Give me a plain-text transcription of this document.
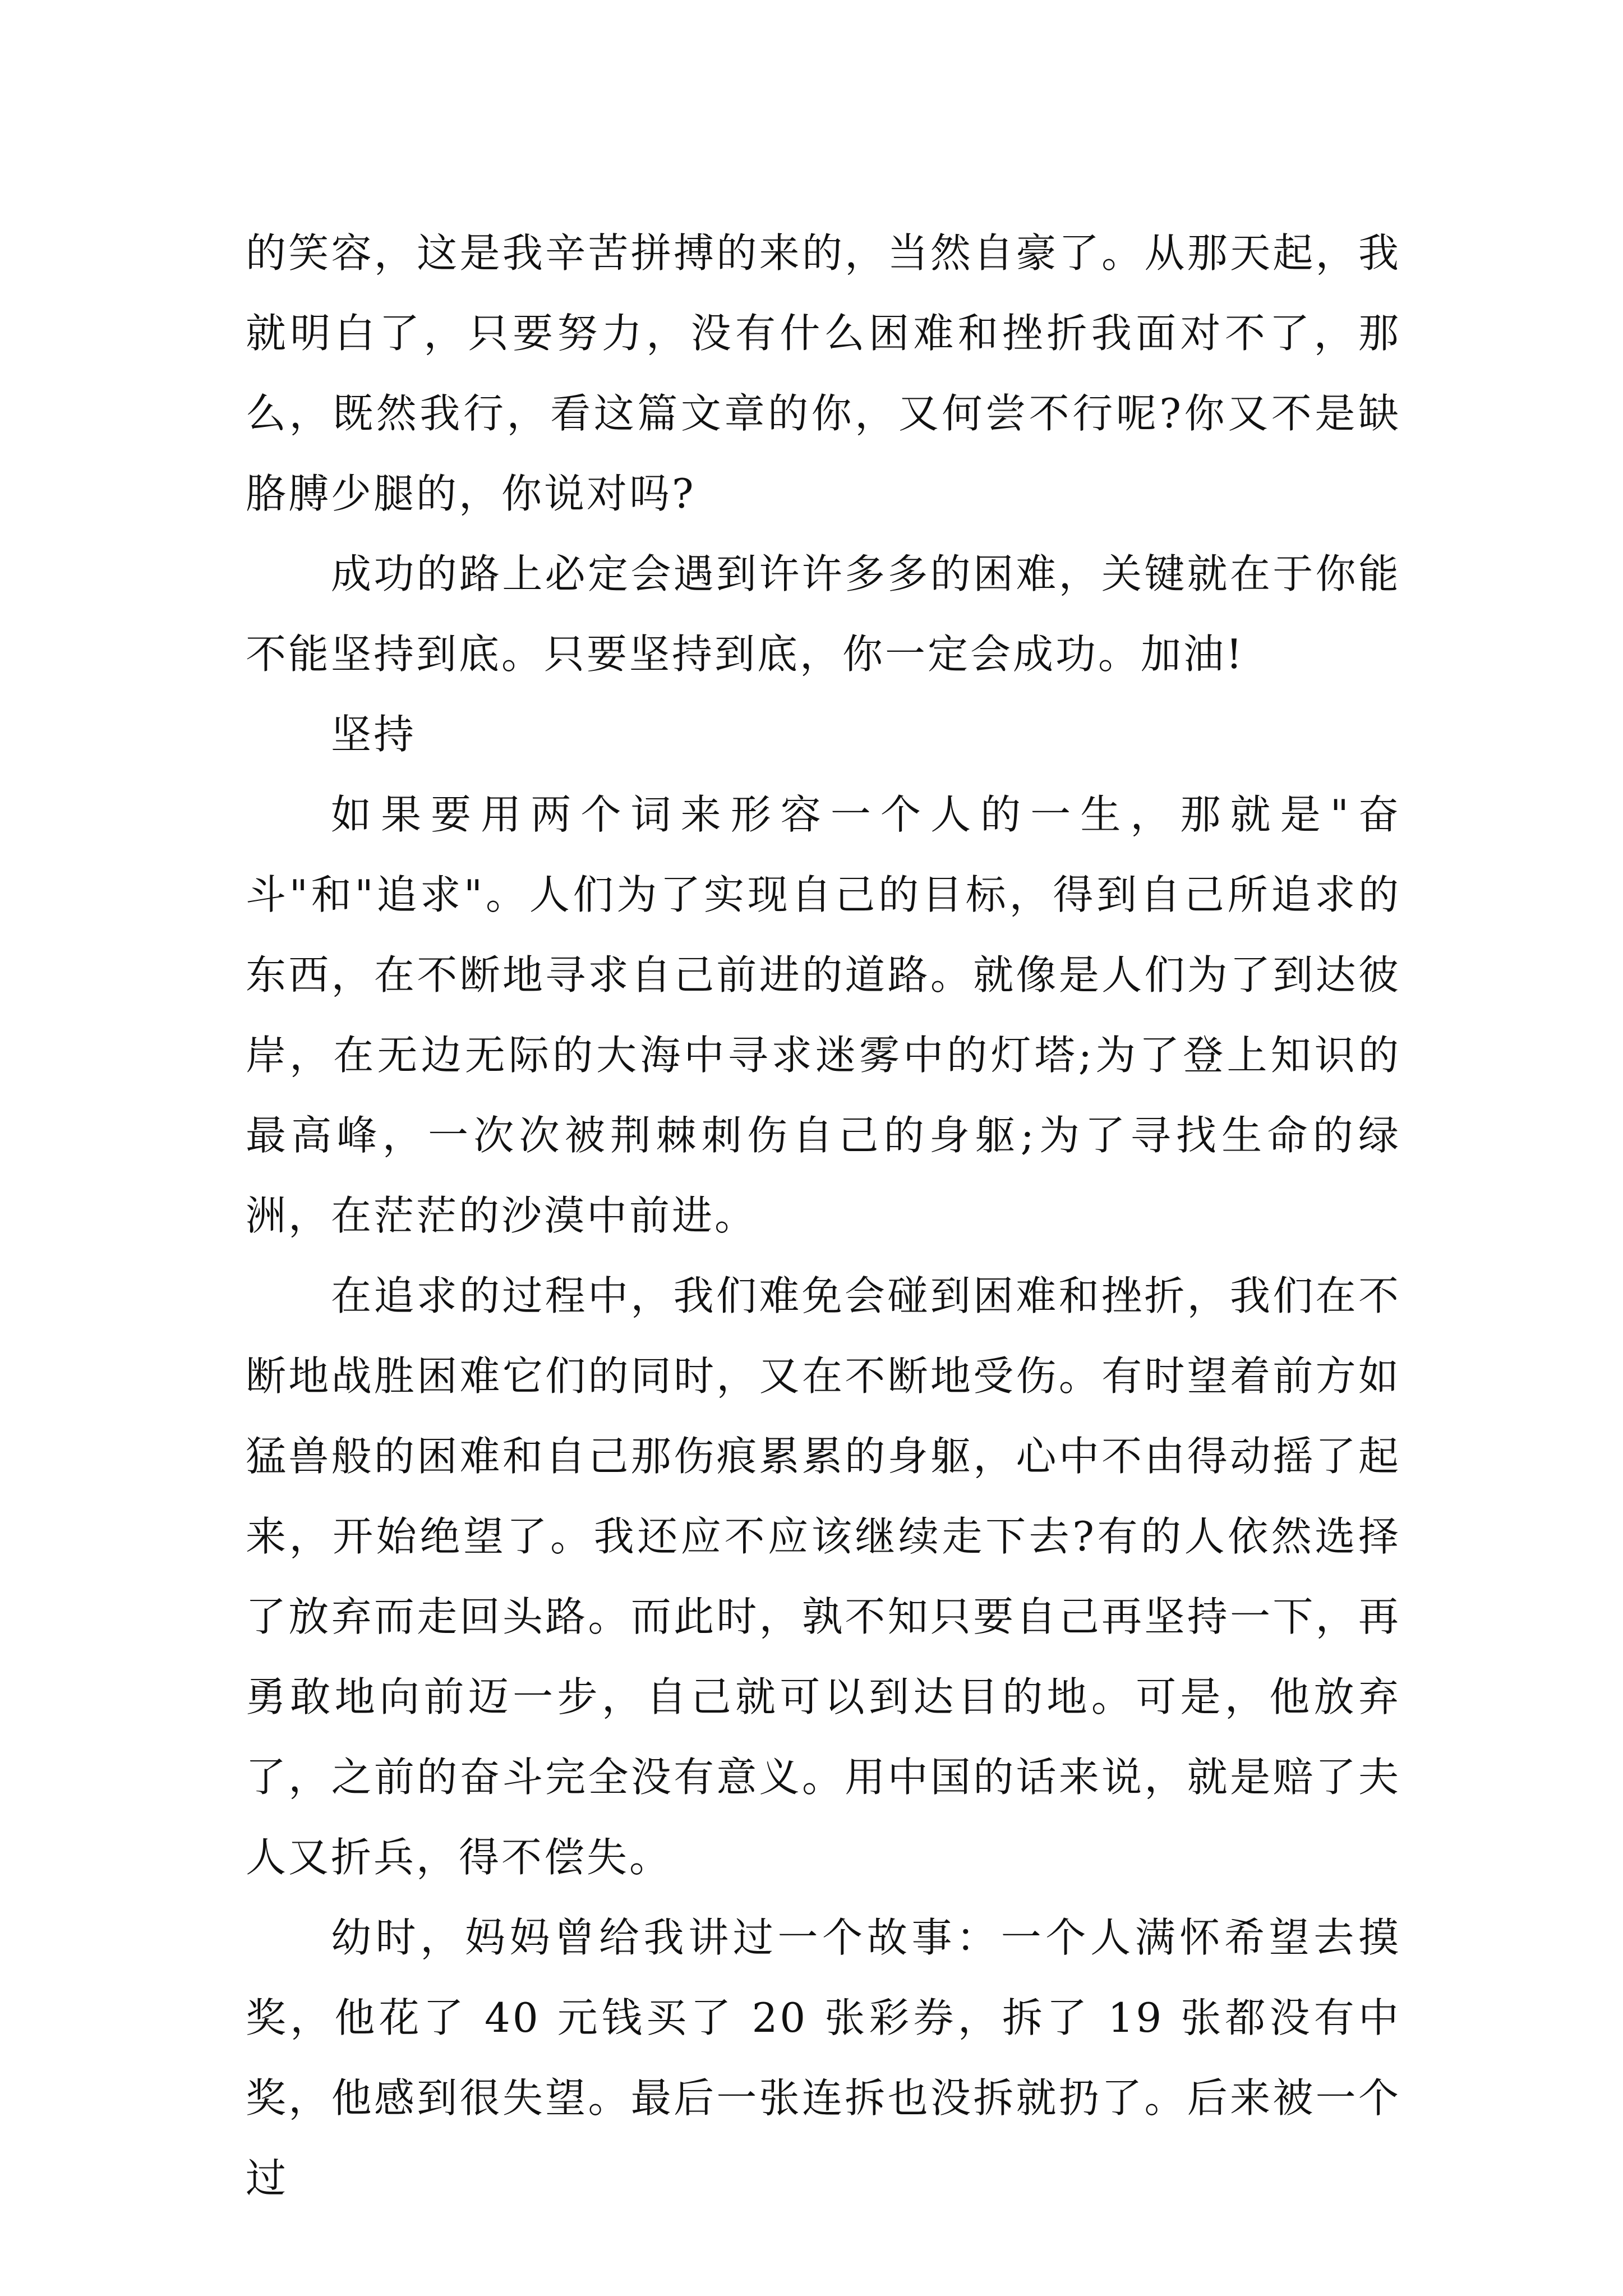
的笑容，这是我辛苦拼搏的来的，当然自豪了。从那天起，我就明白了，只要努力，没有什么困难和挫折我面对不了，那么，既然我行，看这篇文章的你，又何尝不行呢?你又不是缺胳膊少腿的，你说对吗?

成功的路上必定会遇到许许多多的困难，关键就在于你能不能坚持到底。只要坚持到底，你一定会成功。加油!

坚持

如果要用两个词来形容一个人的一生，那就是"奋斗"和"追求"。人们为了实现自己的目标，得到自己所追求的东西，在不断地寻求自己前进的道路。就像是人们为了到达彼岸，在无边无际的大海中寻求迷雾中的灯塔;为了登上知识的最高峰，一次次被荆棘刺伤自己的身躯;为了寻找生命的绿洲，在茫茫的沙漠中前进。

在追求的过程中，我们难免会碰到困难和挫折，我们在不断地战胜困难它们的同时，又在不断地受伤。有时望着前方如猛兽般的困难和自己那伤痕累累的身躯，心中不由得动摇了起来，开始绝望了。我还应不应该继续走下去?有的人依然选择了放弃而走回头路。而此时，孰不知只要自己再坚持一下，再勇敢地向前迈一步，自己就可以到达目的地。可是，他放弃了，之前的奋斗完全没有意义。用中国的话来说，就是赔了夫人又折兵，得不偿失。

幼时，妈妈曾给我讲过一个故事：一个人满怀希望去摸奖，他花了 40 元钱买了 20 张彩券，拆了 19 张都没有中奖，他感到很失望。最后一张连拆也没拆就扔了。后来被一个过
